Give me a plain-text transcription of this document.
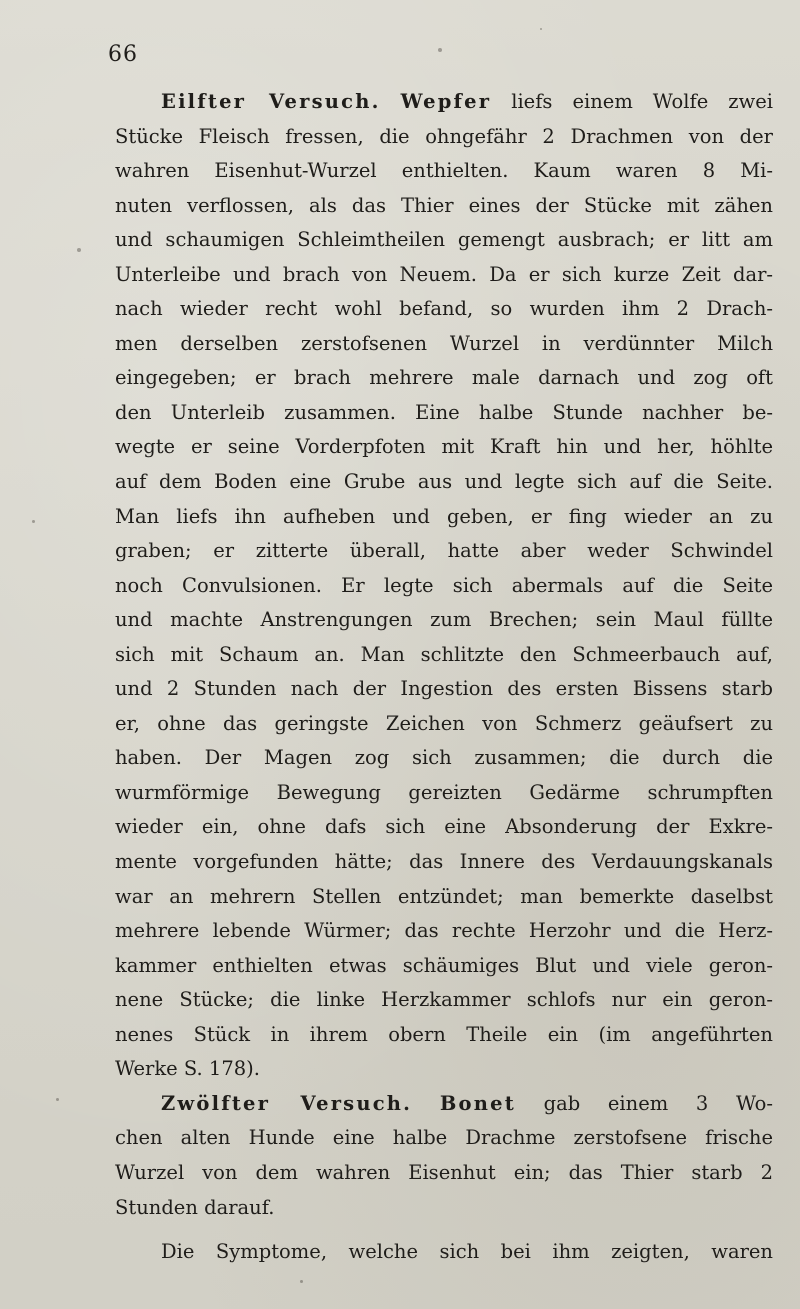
66
Eilfter Versuch. Wepfer liefs einem Wolfe zwei
Stücke Fleisch fressen, die ohngefähr 2 Drachmen von der
wahren Eisenhut-Wurzel enthielten. Kaum waren 8 Mi-
nuten verflossen, als das Thier eines der Stücke mit zähen
und schaumigen Schleimtheilen gemengt ausbrach; er litt am
Unterleibe und brach von Neuem. Da er sich kurze Zeit dar-
nach wieder recht wohl befand, so wurden ihm 2 Drach-
men derselben zerstofsenen Wurzel in verdünnter Milch
eingegeben; er brach mehrere male darnach und zog oft
den Unterleib zusammen. Eine halbe Stunde nachher be-
wegte er seine Vorderpfoten mit Kraft hin und her, höhlte
auf dem Boden eine Grube aus und legte sich auf die Seite.
Man liefs ihn aufheben und geben, er fing wieder an zu
graben; er zitterte überall, hatte aber weder Schwindel
noch Convulsionen. Er legte sich abermals auf die Seite
und machte Anstrengungen zum Brechen; sein Maul füllte
sich mit Schaum an. Man schlitzte den Schmeerbauch auf,
und 2 Stunden nach der Ingestion des ersten Bissens starb
er, ohne das geringste Zeichen von Schmerz geäufsert zu
haben. Der Magen zog sich zusammen; die durch die
wurmförmige Bewegung gereizten Gedärme schrumpften
wieder ein, ohne dafs sich eine Absonderung der Exkre-
mente vorgefunden hätte; das Innere des Verdauungskanals
war an mehrern Stellen entzündet; man bemerkte daselbst
mehrere lebende Würmer; das rechte Herzohr und die Herz-
kammer enthielten etwas schäumiges Blut und viele geron-
nene Stücke; die linke Herzkammer schlofs nur ein geron-
nenes Stück in ihrem obern Theile ein (im angeführten
Werke S. 178).
Zwölfter Versuch. Bonet gab einem 3 Wo-
chen alten Hunde eine halbe Drachme zerstofsene frische
Wurzel von dem wahren Eisenhut ein; das Thier starb 2
Stunden darauf.
Die Symptome, welche sich bei ihm zeigten, waren
